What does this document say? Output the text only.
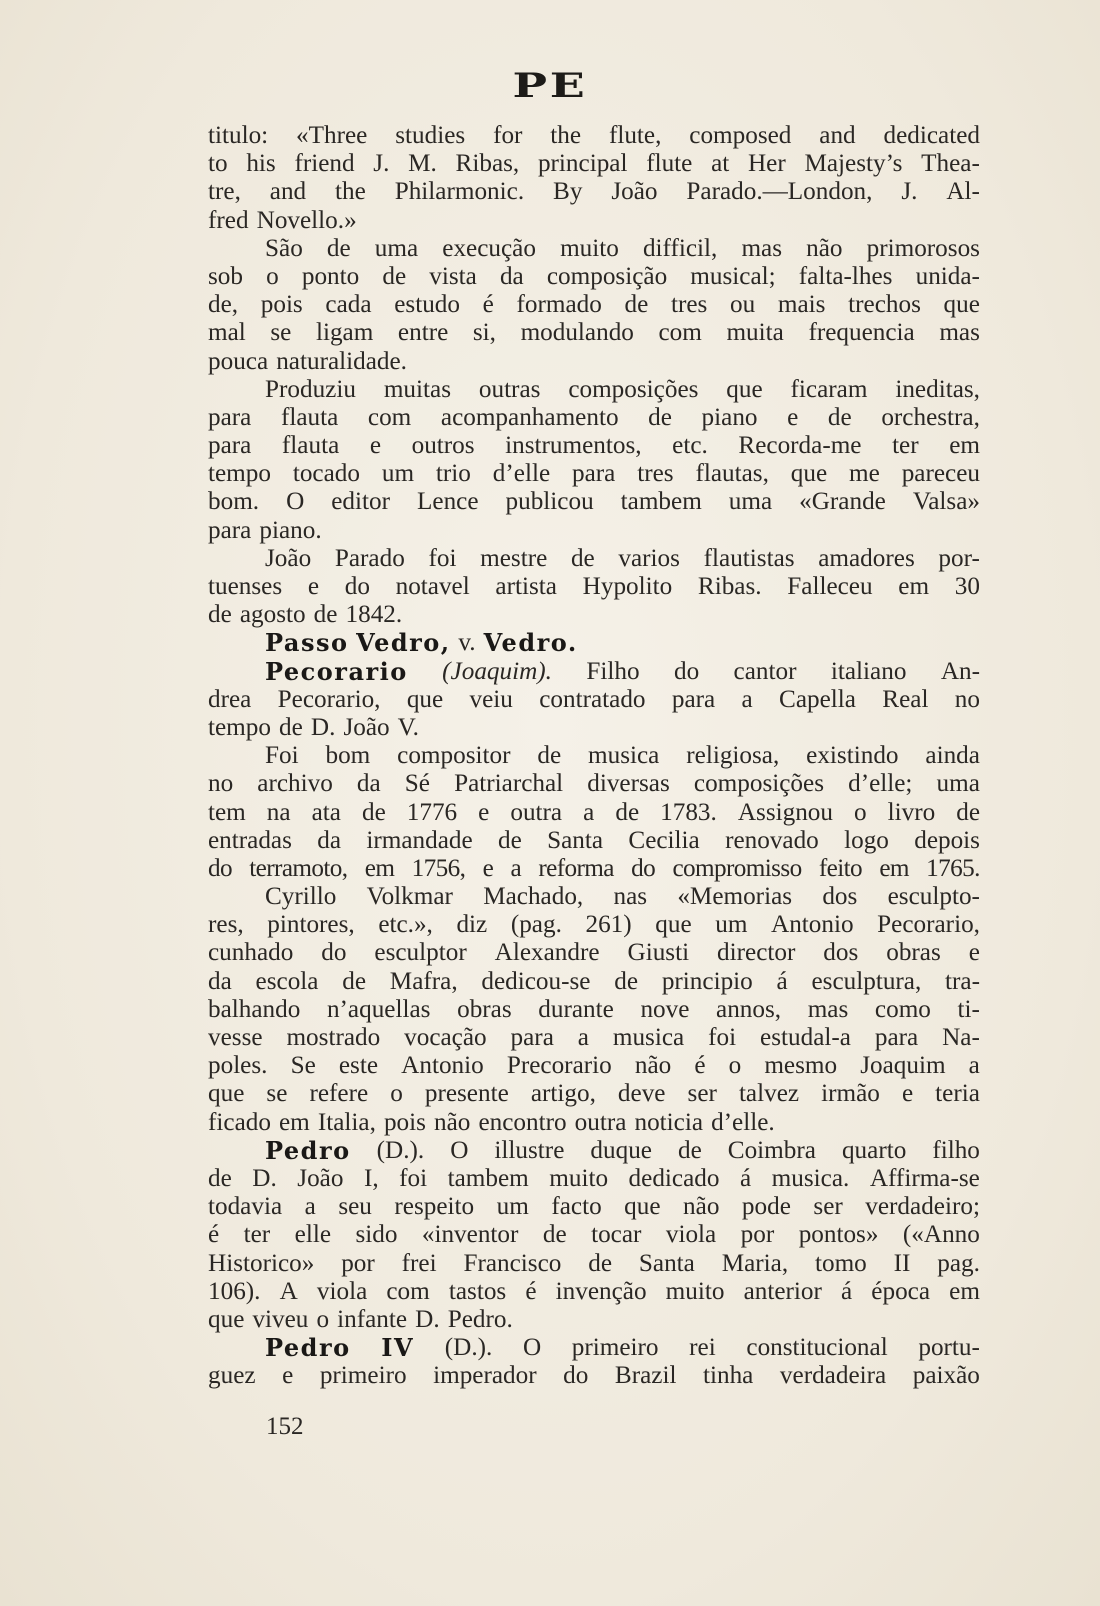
PE
titulo: «Three studies for the flute, composed and dedicated
to his friend J. M. Ribas, principal flute at Her Majesty’s Thea-
tre, and the Philarmonic. By João Parado.—London, J. Al-
fred Novello.»
São de uma execução muito difficil, mas não primorosos
sob o ponto de vista da composição musical; falta-lhes unida-
de, pois cada estudo é formado de tres ou mais trechos que
mal se ligam entre si, modulando com muita frequencia mas
pouca naturalidade.
Produziu muitas outras composições que ficaram ineditas,
para flauta com acompanhamento de piano e de orchestra,
para flauta e outros instrumentos, etc. Recorda-me ter em
tempo tocado um trio d’elle para tres flautas, que me pareceu
bom. O editor Lence publicou tambem uma «Grande Valsa»
para piano.
João Parado foi mestre de varios flautistas amadores por-
tuenses e do notavel artista Hypolito Ribas. Falleceu em 30
de agosto de 1842.
Passo Vedro, v. Vedro.
Pecorario (Joaquim). Filho do cantor italiano An-
drea Pecorario, que veiu contratado para a Capella Real no
tempo de D. João V.
Foi bom compositor de musica religiosa, existindo ainda
no archivo da Sé Patriarchal diversas composições d’elle; uma
tem na ata de 1776 e outra a de 1783. Assignou o livro de
entradas da irmandade de Santa Cecilia renovado logo depois
do terramoto, em 1756, e a reforma do compromisso feito em 1765.
Cyrillo Volkmar Machado, nas «Memorias dos esculpto-
res, pintores, etc.», diz (pag. 261) que um Antonio Pecorario,
cunhado do esculptor Alexandre Giusti director dos obras e
da escola de Mafra, dedicou-se de principio á esculptura, tra-
balhando n’aquellas obras durante nove annos, mas como ti-
vesse mostrado vocação para a musica foi estudal-a para Na-
poles. Se este Antonio Precorario não é o mesmo Joaquim a
que se refere o presente artigo, deve ser talvez irmão e teria
ficado em Italia, pois não encontro outra noticia d’elle.
Pedro (D.). O illustre duque de Coimbra quarto filho
de D. João I, foi tambem muito dedicado á musica. Affirma-se
todavia a seu respeito um facto que não pode ser verdadeiro;
é ter elle sido «inventor de tocar viola por pontos» («Anno
Historico» por frei Francisco de Santa Maria, tomo II pag.
106). A viola com tastos é invenção muito anterior á época em
que viveu o infante D. Pedro.
Pedro IV (D.). O primeiro rei constitucional portu-
guez e primeiro imperador do Brazil tinha verdadeira paixão
152
